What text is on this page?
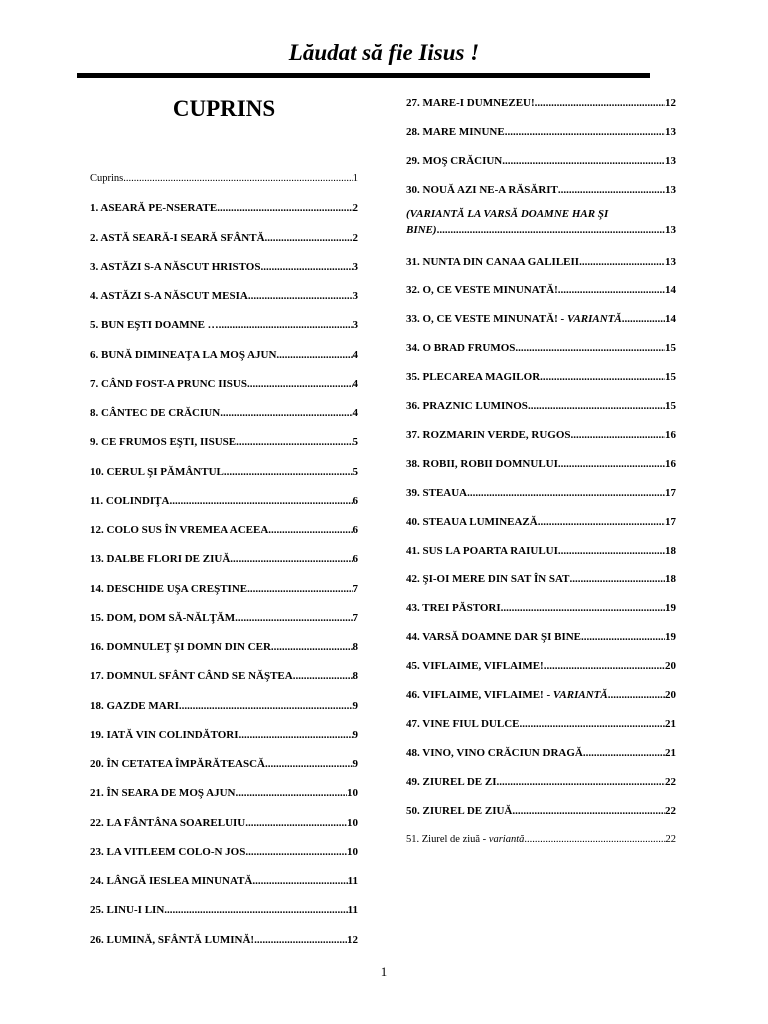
Lăudat să fie Iisus !
CUPRINS
Cuprins .....	1
1. ASEARĂ PE-NSERATE .....	2
2. ASTĂ SEARĂ-I SEARĂ SFÂNTĂ .....	2
3. ASTĂZI S-A NĂSCUT HRISTOS .....	3
4. ASTĂZI S-A NĂSCUT MESIA .....	3
5. BUN EŞTI DOAMNE … .....	3
6. BUNĂ DIMINEAŢA LA MOŞ AJUN .....	4
7. CÂND FOST-A PRUNC IISUS .....	4
8. CÂNTEC DE CRĂCIUN .....	4
9. CE FRUMOS EŞTI, IISUSE .....	5
10. CERUL ŞI PĂMÂNTUL .....	5
11. COLINDIŢA .....	6
12. COLO SUS ÎN VREMEA ACEEA .....	6
13. DALBE FLORI DE ZIUĂ .....	6
14. DESCHIDE UŞA CREŞTINE .....	7
15. DOM, DOM SĂ-NĂLŢĂM .....	7
16. DOMNULEŢ ŞI DOMN DIN CER .....	8
17. DOMNUL SFÂNT CÂND SE NĂŞTEA .....	8
18. GAZDE MARI .....	9
19. IATĂ VIN COLINDĂTORI .....	9
20. ÎN CETATEA ÎMPĂRĂTEASCĂ .....	9
21. ÎN SEARA DE MOŞ AJUN .....	10
22. LA FÂNTÂNA SOARELUIU .....	10
23. LA VITLEEM COLO-N JOS .....	10
24. LÂNGĂ IESLEA MINUNATĂ .....	11
25. LINU-I LIN .....	11
26. LUMINĂ, SFÂNTĂ LUMINĂ! .....	12
27. MARE-I DUMNEZEU! .....	12
28. MARE MINUNE .....	13
29. MOŞ CRĂCIUN .....	13
30. NOUĂ AZI NE-A RĂSĂRIT .....	13
(VARIANTĂ LA VARSĂ DOAMNE HAR ŞI
BINE) .....	13
31. NUNTA DIN CANAA GALILEII .....	13
32. O, CE VESTE MINUNATĂ! .....	14
33. O, CE VESTE MINUNATĂ! - VARIANTĂ .....	14
34. O BRAD FRUMOS .....	15
35. PLECAREA MAGILOR .....	15
36. PRAZNIC LUMINOS .....	15
37. ROZMARIN VERDE, RUGOS .....	16
38. ROBII, ROBII DOMNULUI .....	16
39. STEAUA .....	17
40. STEAUA LUMINEAZĂ .....	17
41. SUS LA POARTA RAIULUI .....	18
42. ŞI-OI MERE DIN SAT ÎN SAT .....	18
43. TREI PĂSTORI .....	19
44. VARSĂ DOAMNE DAR ŞI BINE .....	19
45. VIFLAIME, VIFLAIME! .....	20
46. VIFLAIME, VIFLAIME! - VARIANTĂ .....	20
47. VINE FIUL DULCE .....	21
48. VINO, VINO CRĂCIUN DRAGĂ .....	21
49. ZIUREL DE ZI .....	22
50. ZIUREL DE ZIUĂ .....	22
51. Ziurel de ziuă - variantă .....	22
1
